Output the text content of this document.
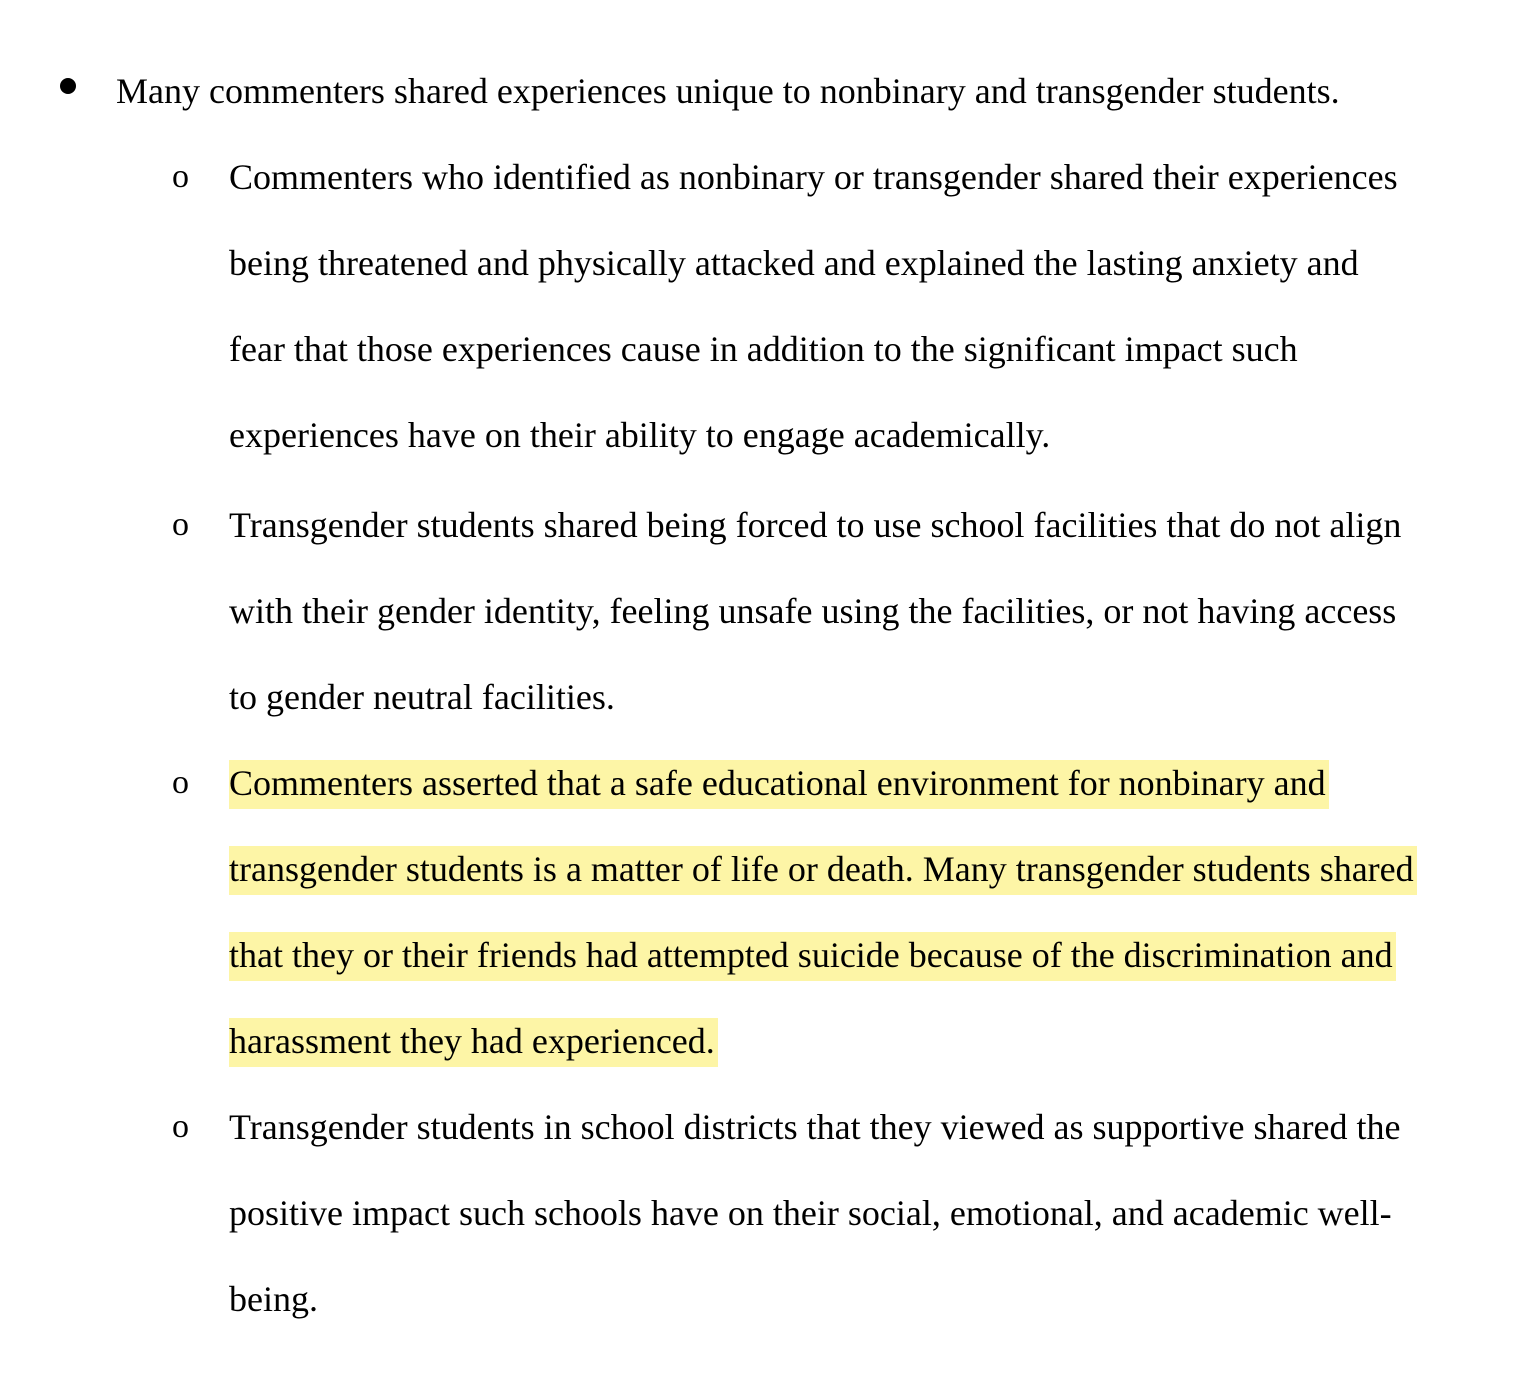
Many commenters shared experiences unique to nonbinary and transgender students.
o Commenters who identified as nonbinary or transgender shared their experiences
being threatened and physically attacked and explained the lasting anxiety and
fear that those experiences cause in addition to the significant impact such
experiences have on their ability to engage academically.
o Transgender students shared being forced to use school facilities that do not align
with their gender identity, feeling unsafe using the facilities, or not having access
to gender neutral facilities.
o Commenters asserted that a safe educational environment for nonbinary and
transgender students is a matter of life or death. Many transgender students shared
that they or their friends had attempted suicide because of the discrimination and
harassment they had experienced.
o Transgender students in school districts that they viewed as supportive shared the
positive impact such schools have on their social, emotional, and academic well-
being.
